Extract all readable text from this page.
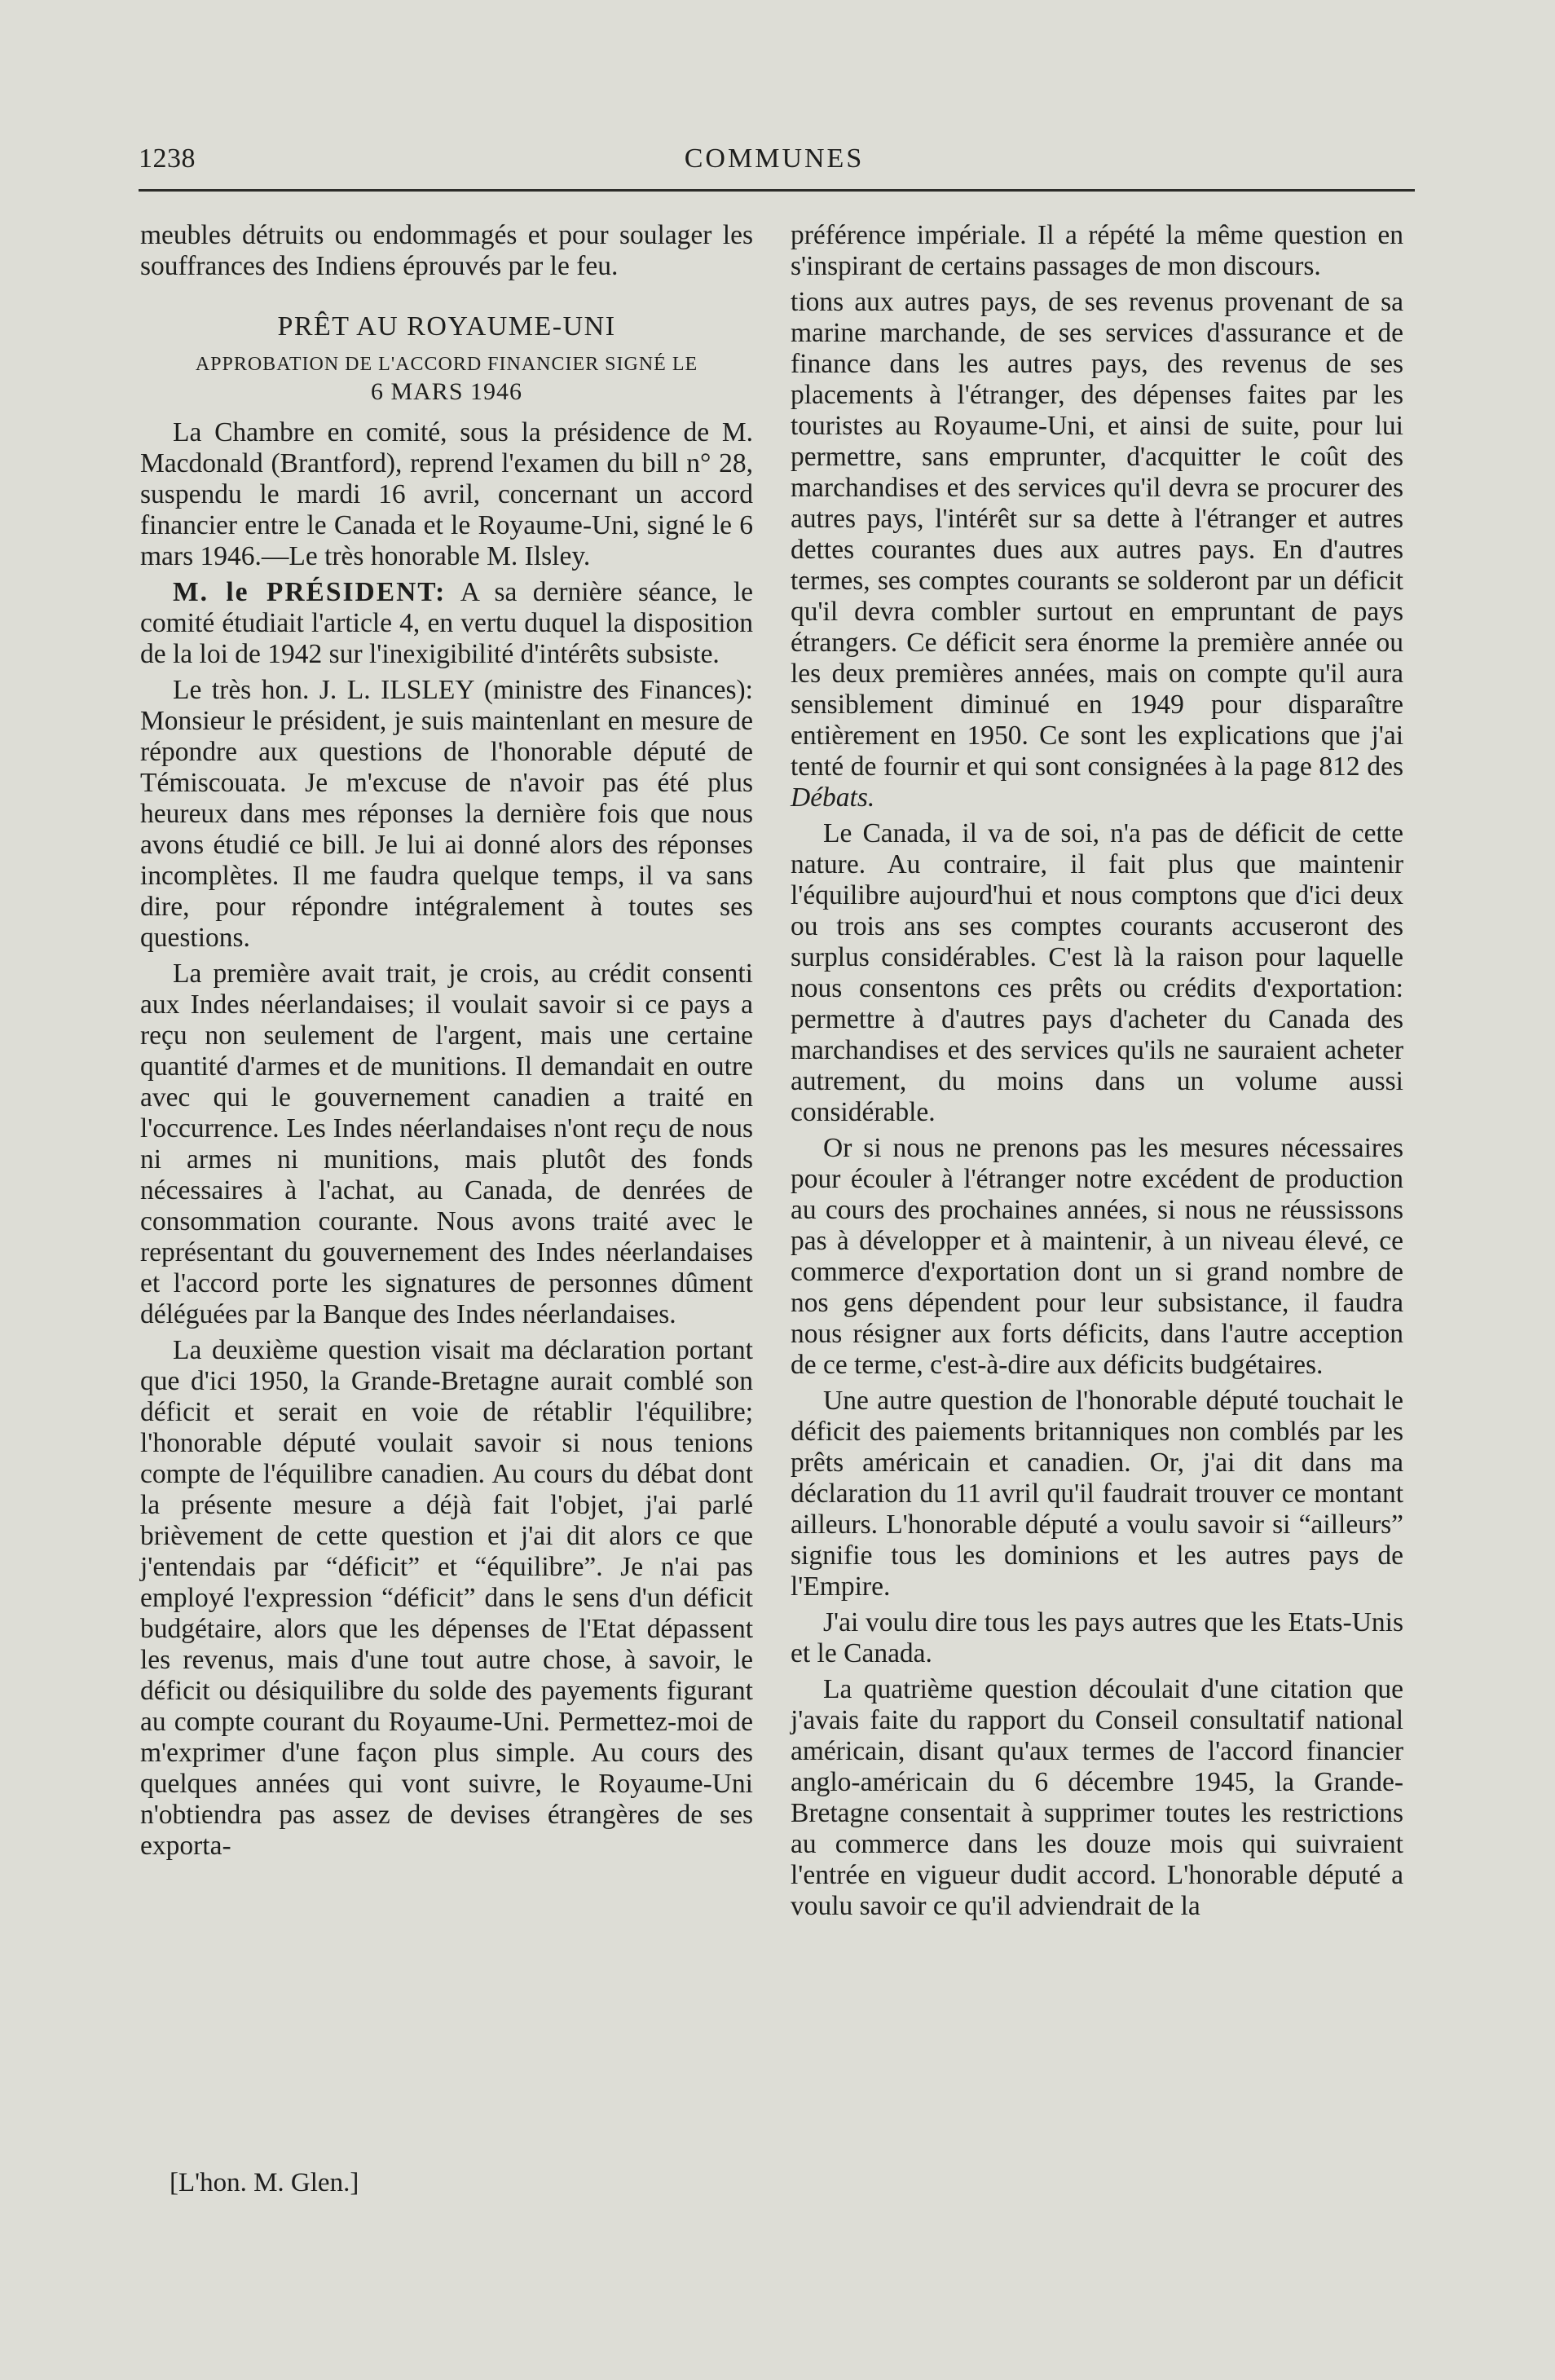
1238	COMMUNES

meubles détruits ou endommagés et pour soulager les souffrances des Indiens éprouvés par le feu.

PRÊT AU ROYAUME-UNI
APPROBATION DE L'ACCORD FINANCIER SIGNÉ LE
6 MARS 1946

La Chambre en comité, sous la présidence de M. Macdonald (Brantford), reprend l'examen du bill n° 28, suspendu le mardi 16 avril, concernant un accord financier entre le Canada et le Royaume-Uni, signé le 6 mars 1946.—Le très honorable M. Ilsley.

M. le PRÉSIDENT: A sa dernière séance, le comité étudiait l'article 4, en vertu duquel la disposition de la loi de 1942 sur l'inexigibilité d'intérêts subsiste.

Le très hon. J. L. ILSLEY (ministre des Finances): Monsieur le président, je suis maintenlant en mesure de répondre aux questions de l'honorable député de Témiscouata. Je m'excuse de n'avoir pas été plus heureux dans mes réponses la dernière fois que nous avons étudié ce bill. Je lui ai donné alors des réponses incomplètes. Il me faudra quelque temps, il va sans dire, pour répondre intégralement à toutes ses questions.

La première avait trait, je crois, au crédit consenti aux Indes néerlandaises; il voulait savoir si ce pays a reçu non seulement de l'argent, mais une certaine quantité d'armes et de munitions. Il demandait en outre avec qui le gouvernement canadien a traité en l'occurrence. Les Indes néerlandaises n'ont reçu de nous ni armes ni munitions, mais plutôt des fonds nécessaires à l'achat, au Canada, de denrées de consommation courante. Nous avons traité avec le représentant du gouvernement des Indes néerlandaises et l'accord porte les signatures de personnes dûment déléguées par la Banque des Indes néerlandaises.

La deuxième question visait ma déclaration portant que d'ici 1950, la Grande-Bretagne aurait comblé son déficit et serait en voie de rétablir l'équilibre; l'honorable député voulait savoir si nous tenions compte de l'équilibre canadien. Au cours du débat dont la présente mesure a déjà fait l'objet, j'ai parlé brièvement de cette question et j'ai dit alors ce que j'entendais par “déficit” et “équilibre”. Je n'ai pas employé l'expression “déficit” dans le sens d'un déficit budgétaire, alors que les dépenses de l'Etat dépassent les revenus, mais d'une tout autre chose, à savoir, le déficit ou désiquilibre du solde des payements figurant au compte courant du Royaume-Uni. Permettez-moi de m'exprimer d'une façon plus simple. Au cours des quelques années qui vont suivre, le Royaume-Uni n'obtiendra pas assez de devises étrangères de ses exporta-

[L'hon. M. Glen.]

préférence impériale. Il a répété la même question en s'inspirant de certains passages de mon discours.

tions aux autres pays, de ses revenus provenant de sa marine marchande, de ses services d'assurance et de finance dans les autres pays, des revenus de ses placements à l'étranger, des dépenses faites par les touristes au Royaume-Uni, et ainsi de suite, pour lui permettre, sans emprunter, d'acquitter le coût des marchandises et des services qu'il devra se procurer des autres pays, l'intérêt sur sa dette à l'étranger et autres dettes courantes dues aux autres pays. En d'autres termes, ses comptes courants se solderont par un déficit qu'il devra combler surtout en empruntant de pays étrangers. Ce déficit sera énorme la première année ou les deux premières années, mais on compte qu'il aura sensiblement diminué en 1949 pour disparaître entièrement en 1950. Ce sont les explications que j'ai tenté de fournir et qui sont consignées à la page 812 des Débats.

Le Canada, il va de soi, n'a pas de déficit de cette nature. Au contraire, il fait plus que maintenir l'équilibre aujourd'hui et nous comptons que d'ici deux ou trois ans ses comptes courants accuseront des surplus considérables. C'est là la raison pour laquelle nous consentons ces prêts ou crédits d'exportation: permettre à d'autres pays d'acheter du Canada des marchandises et des services qu'ils ne sauraient acheter autrement, du moins dans un volume aussi considérable.

Or si nous ne prenons pas les mesures nécessaires pour écouler à l'étranger notre excédent de production au cours des prochaines années, si nous ne réussissons pas à développer et à maintenir, à un niveau élevé, ce commerce d'exportation dont un si grand nombre de nos gens dépendent pour leur subsistance, il faudra nous résigner aux forts déficits, dans l'autre acception de ce terme, c'est-à-dire aux déficits budgétaires.

Une autre question de l'honorable député touchait le déficit des paiements britanniques non comblés par les prêts américain et canadien. Or, j'ai dit dans ma déclaration du 11 avril qu'il faudrait trouver ce montant ailleurs. L'honorable député a voulu savoir si “ailleurs” signifie tous les dominions et les autres pays de l'Empire.

J'ai voulu dire tous les pays autres que les Etats-Unis et le Canada.

La quatrième question découlait d'une citation que j'avais faite du rapport du Conseil consultatif national américain, disant qu'aux termes de l'accord financier anglo-américain du 6 décembre 1945, la Grande-Bretagne consentait à supprimer toutes les restrictions au commerce dans les douze mois qui suivraient l'entrée en vigueur dudit accord. L'honorable député a voulu savoir ce qu'il adviendrait de la
